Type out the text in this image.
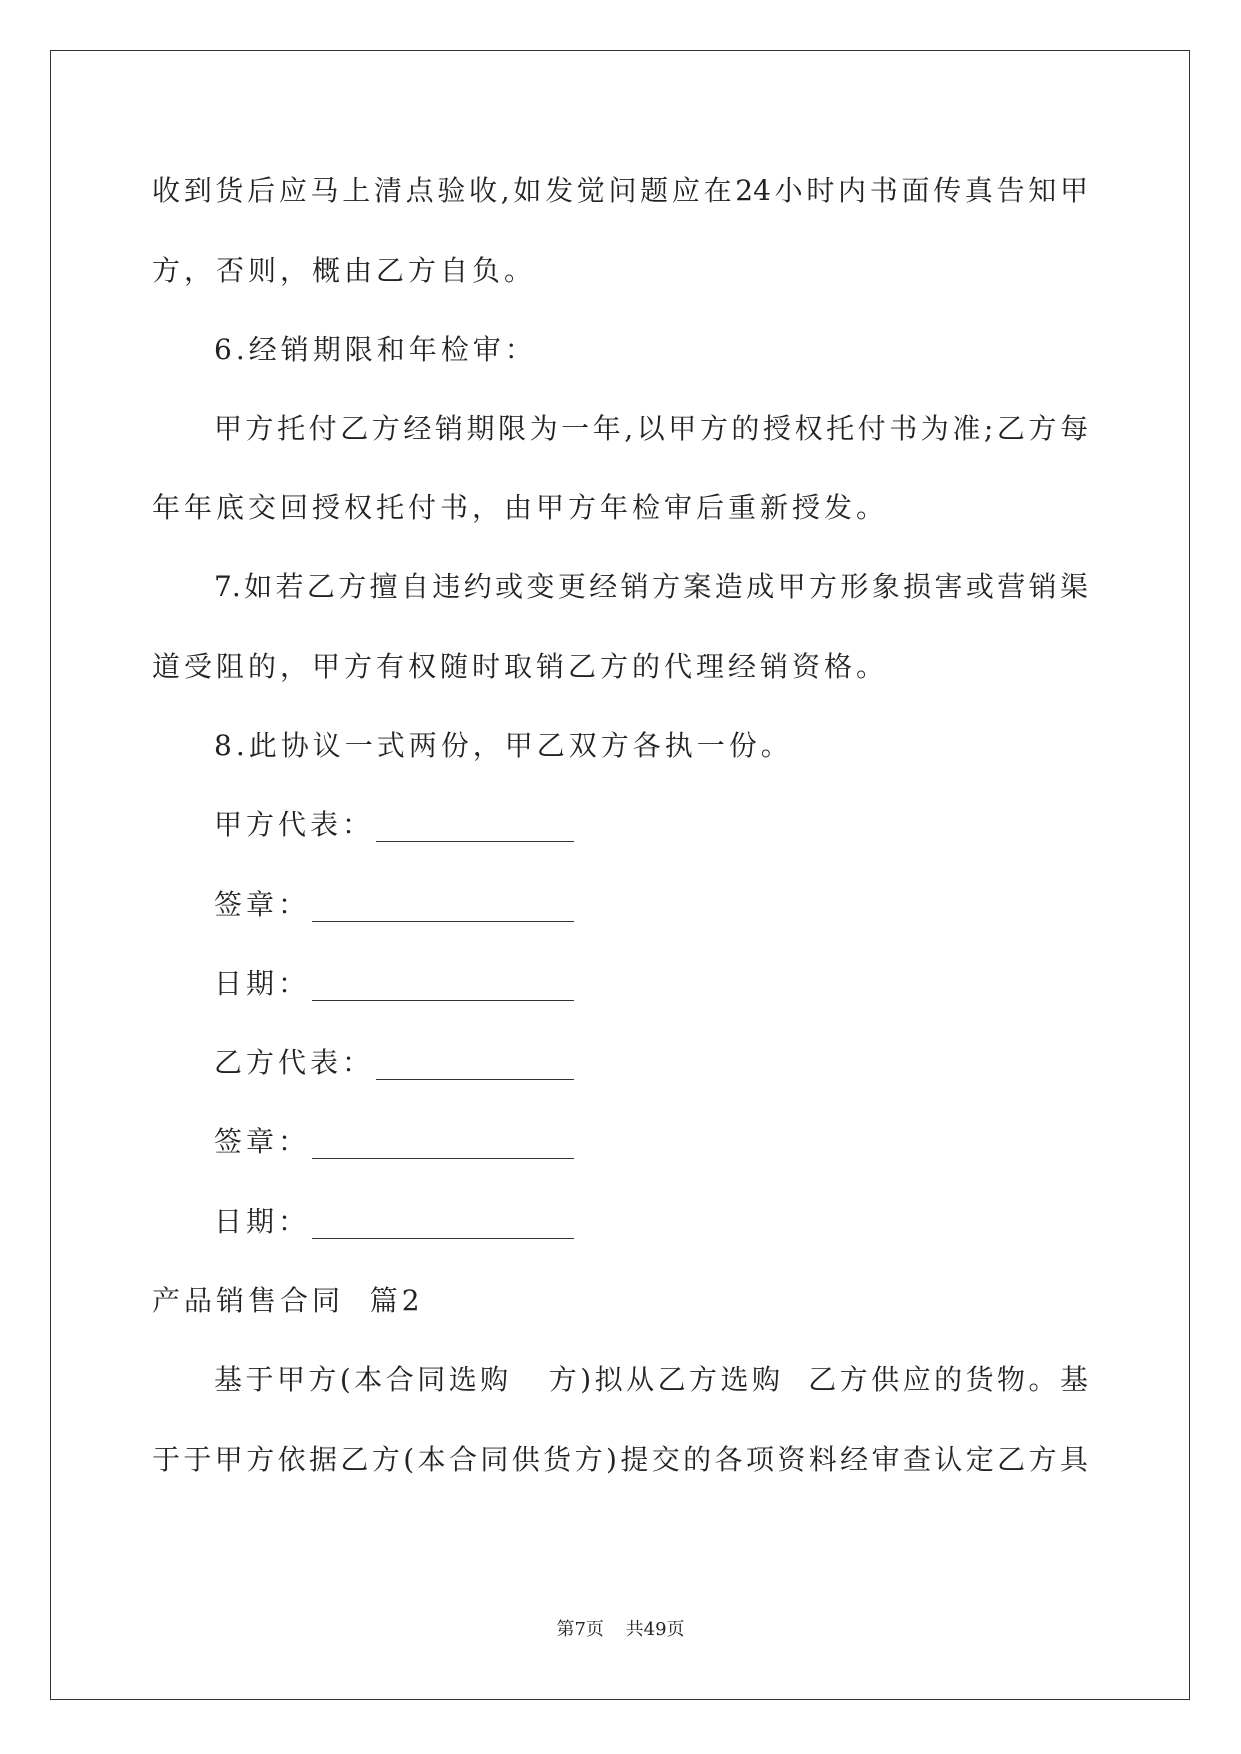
收到货后应马上清点验收,如发觉问题应在24小时内书面传真告知甲
方，否则，概由乙方自负。
6.经销期限和年检审：
甲方托付乙方经销期限为一年,以甲方的授权托付书为准;乙方每
年年底交回授权托付书，由甲方年检审后重新授发。
7.如若乙方擅自违约或变更经销方案造成甲方形象损害或营销渠
道受阻的，甲方有权随时取销乙方的代理经销资格。
8.此协议一式两份，甲乙双方各执一份。
甲方代表：
签章：
日期：
乙方代表：
签章：
日期：
产品销售合同  篇2
基于甲方(本合同选购   方)拟从乙方选购  乙方供应的货物。基
于于甲方依据乙方(本合同供货方)提交的各项资料经审查认定乙方具
第7页 共49页
